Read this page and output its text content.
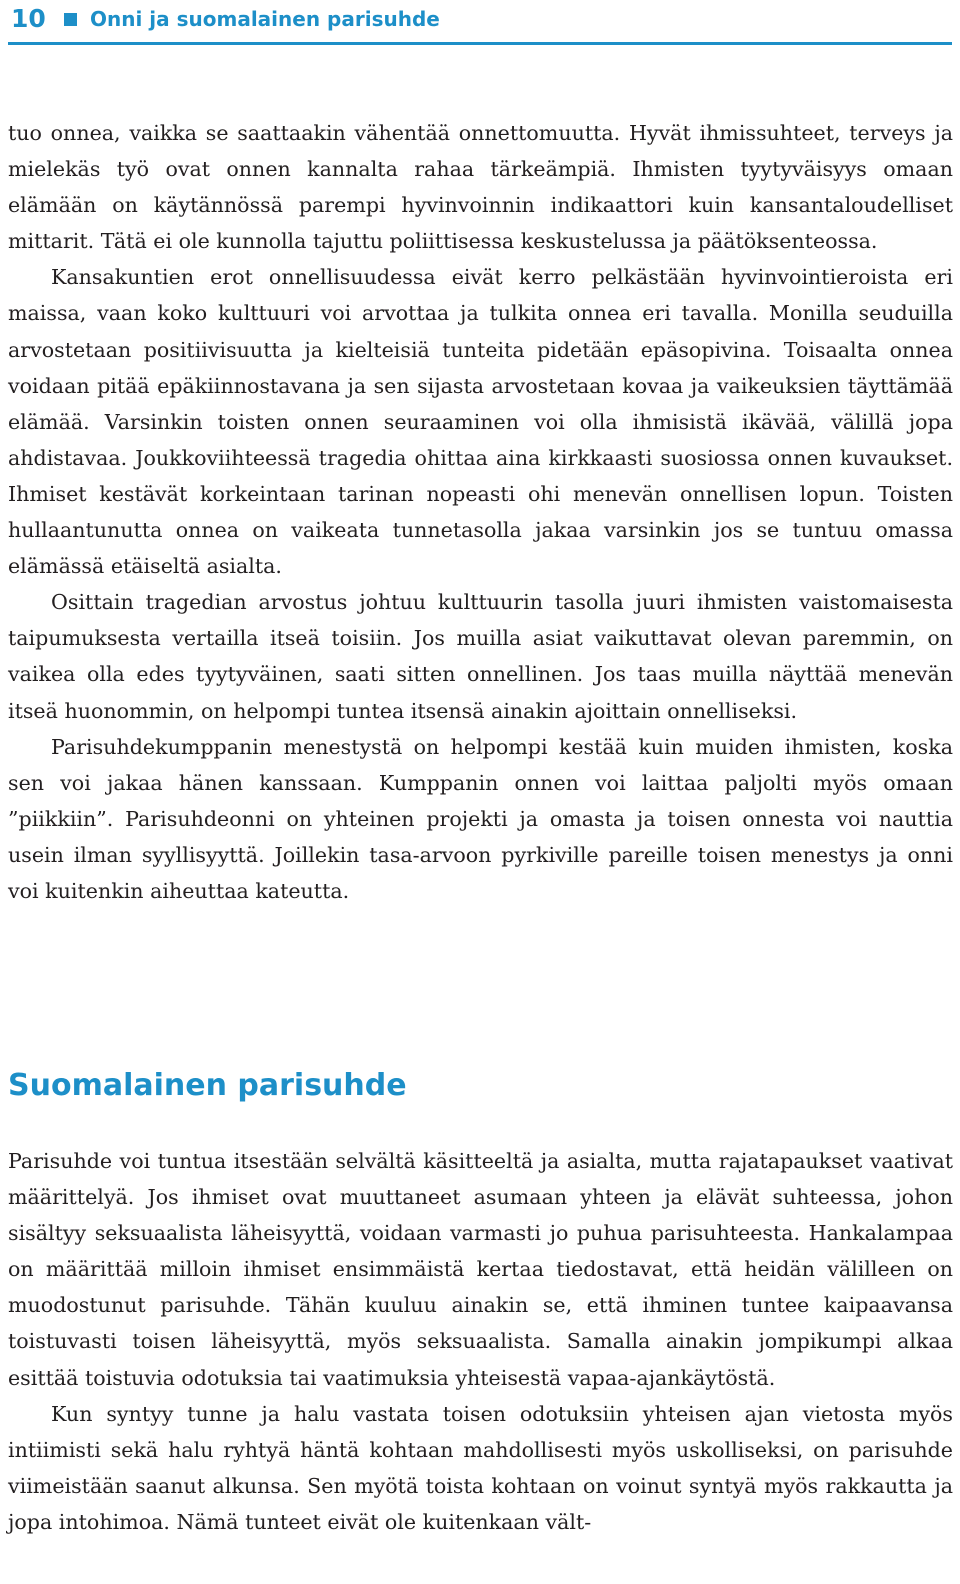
10 Onni ja suomalainen parisuhde

tuo onnea, vaikka se saattaakin vähentää onnettomuutta. Hyvät ihmissuhteet, terveys ja mielekäs työ ovat onnen kannalta rahaa tärkeämpiä. Ihmisten tyytyväisyys omaan elämään on käytännössä parempi hyvinvoinnin indikaattori kuin kansantaloudelliset mittarit. Tätä ei ole kunnolla tajuttu poliittisessa keskustelussa ja päätöksenteossa.

Kansakuntien erot onnellisuudessa eivät kerro pelkästään hyvinvointieroista eri maissa, vaan koko kulttuuri voi arvottaa ja tulkita onnea eri tavalla. Monilla seuduilla arvostetaan positiivisuutta ja kielteisiä tunteita pidetään epäsopivina. Toisaalta onnea voidaan pitää epäkiinnostavana ja sen sijasta arvostetaan kovaa ja vaikeuksien täyttämää elämää. Varsinkin toisten onnen seuraaminen voi olla ihmisistä ikävää, välillä jopa ahdistavaa. Joukkoviihteessä tragedia ohittaa aina kirkkaasti suosiossa onnen kuvaukset. Ihmiset kestävät korkeintaan tarinan nopeasti ohi menevän onnellisen lopun. Toisten hullaantunutta onnea on vaikeata tunnetasolla jakaa varsinkin jos se tuntuu omassa elämässä etäiseltä asialta.

Osittain tragedian arvostus johtuu kulttuurin tasolla juuri ihmisten vaistomaisesta taipumuksesta vertailla itseä toisiin. Jos muilla asiat vaikuttavat olevan paremmin, on vaikea olla edes tyytyväinen, saati sitten onnellinen. Jos taas muilla näyttää menevän itseä huonommin, on helpompi tuntea itsensä ainakin ajoittain onnelliseksi.

Parisuhdekumppanin menestystä on helpompi kestää kuin muiden ihmisten, koska sen voi jakaa hänen kanssaan. Kumppanin onnen voi laittaa paljolti myös omaan ”piikkiin”. Parisuhdeonni on yhteinen projekti ja omasta ja toisen onnesta voi nauttia usein ilman syyllisyyttä. Joillekin tasa-arvoon pyrkiville pareille toisen menestys ja onni voi kuitenkin aiheuttaa kateutta.

Suomalainen parisuhde

Parisuhde voi tuntua itsestään selvältä käsitteeltä ja asialta, mutta rajatapaukset vaativat määrittelyä. Jos ihmiset ovat muuttaneet asumaan yhteen ja elävät suhteessa, johon sisältyy seksuaalista läheisyyttä, voidaan varmasti jo puhua parisuhteesta. Hankalampaa on määrittää milloin ihmiset ensimmäistä kertaa tiedostavat, että heidän välilleen on muodostunut parisuhde. Tähän kuuluu ainakin se, että ihminen tuntee kaipaavansa toistuvasti toisen läheisyyttä, myös seksuaalista. Samalla ainakin jompikumpi alkaa esittää toistuvia odotuksia tai vaatimuksia yhteisestä vapaa-ajankäytöstä.

Kun syntyy tunne ja halu vastata toisen odotuksiin yhteisen ajan vietosta myös intiimisti sekä halu ryhtyä häntä kohtaan mahdollisesti myös uskolliseksi, on parisuhde viimeistään saanut alkunsa. Sen myötä toista kohtaan on voinut syntyä myös rakkautta ja jopa intohimoa. Nämä tunteet eivät ole kuitenkaan vält-
